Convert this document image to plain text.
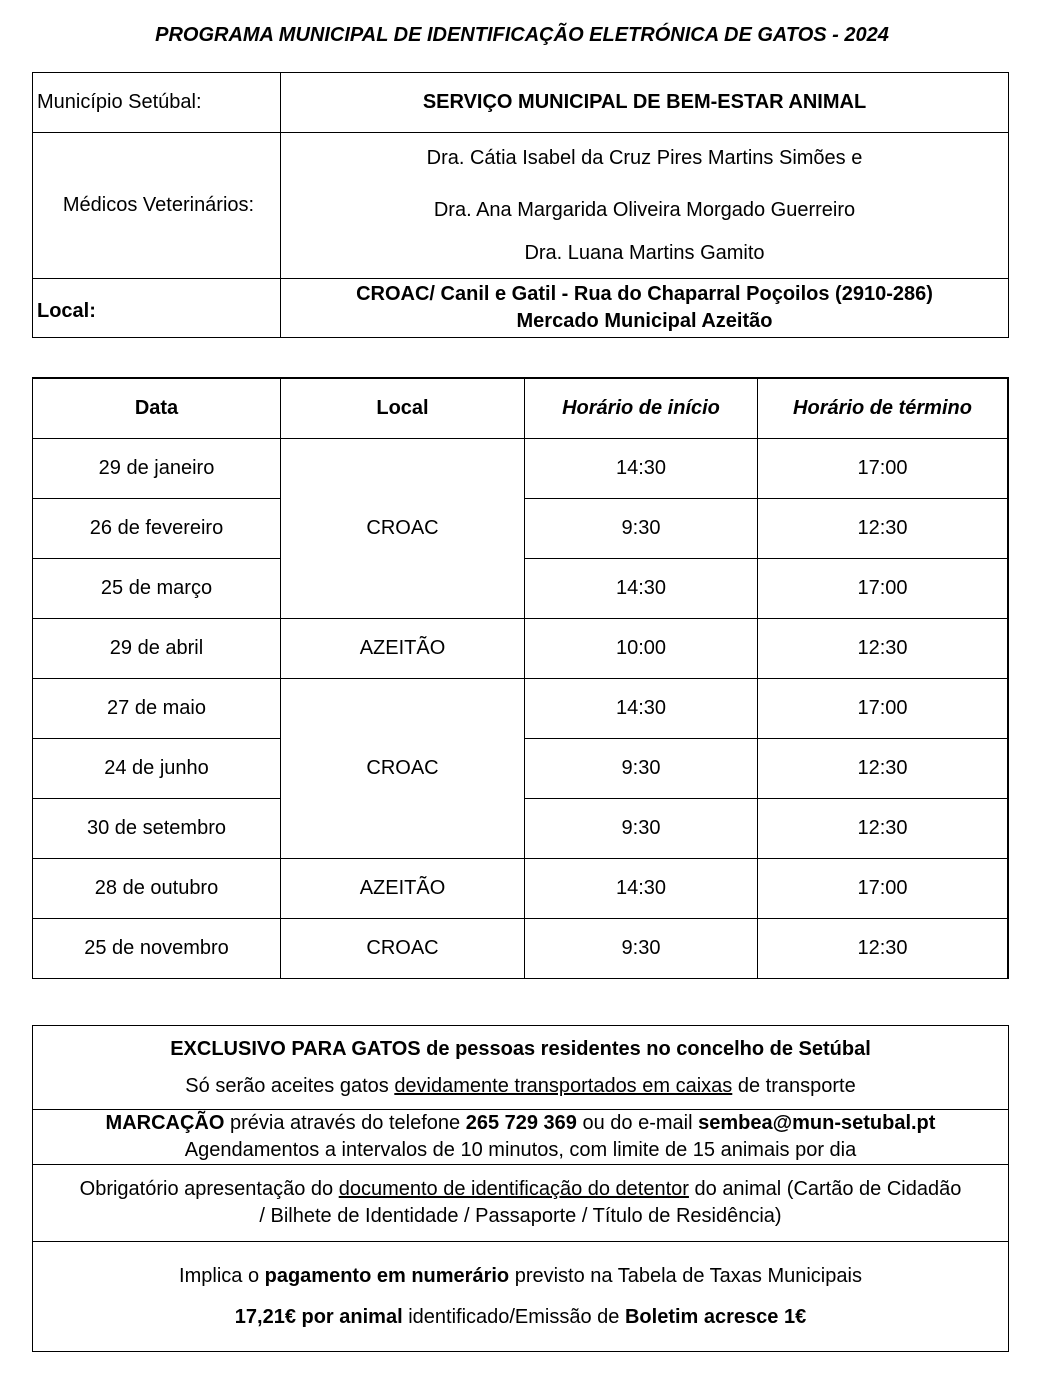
PROGRAMA MUNICIPAL DE IDENTIFICAÇÃO ELETRÓNICA DE GATOS - 2024
Município Setúbal:	SERVIÇO MUNICIPAL DE BEM-ESTAR ANIMAL
Médicos Veterinários:	Dra. Cátia Isabel da Cruz Pires Martins Simões e
Dra. Ana Margarida Oliveira Morgado Guerreiro
Dra. Luana Martins Gamito

Local:	CROAC/ Canil e Gatil - Rua do Chaparral Poçoilos (2910-286)
Mercado Municipal Azeitão
Data	Local	Horário de início	Horário de término
29 de janeiro	CROAC	14:30	17:00
26 de fevereiro		9:30	12:30
25 de março		14:30	17:00
29 de abril	AZEITÃO	10:00	12:30
27 de maio	CROAC	14:30	17:00
24 de junho		9:30	12:30
30 de setembro		9:30	12:30
28 de outubro	AZEITÃO	14:30	17:00
25 de novembro	CROAC	9:30	12:30
EXCLUSIVO PARA GATOS de pessoas residentes no concelho de Setúbal
Só serão aceites gatos devidamente transportados em caixas de transporte

MARCAÇÃO prévia através do telefone 265 729 369 ou do e-mail sembea@mun-setubal.pt
Agendamentos a intervalos de 10 minutos, com limite de 15 animais por dia

Obrigatório apresentação do documento de identificação do detentor do animal (Cartão de Cidadão
/ Bilhete de Identidade / Passaporte / Título de Residência)

Implica o pagamento em numerário previsto na Tabela de Taxas Municipais
17,21€ por animal identificado/Emissão de Boletim acresce 1€
